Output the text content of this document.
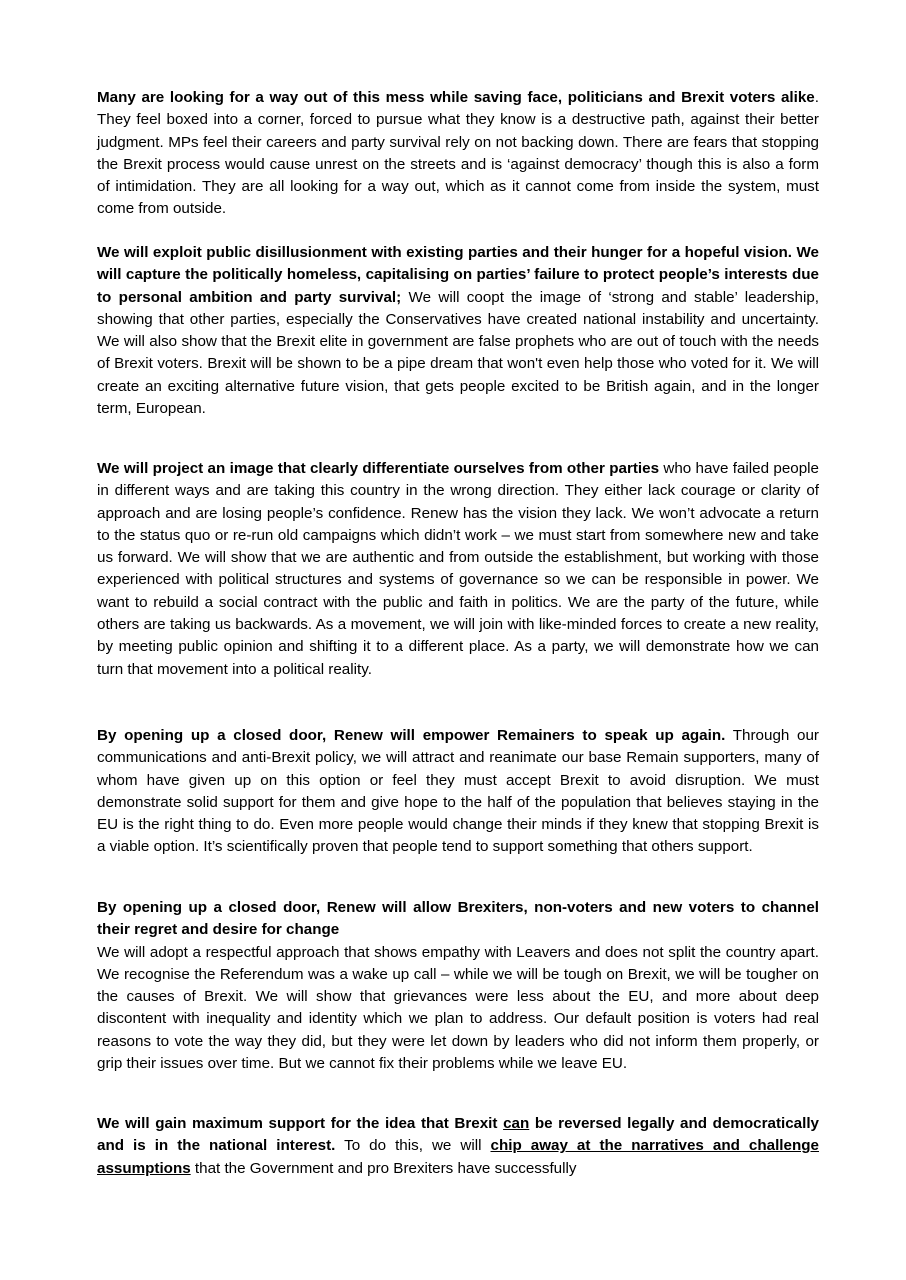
Many are looking for a way out of this mess while saving face, politicians and Brexit voters alike. They feel boxed into a corner, forced to pursue what they know is a destructive path, against their better judgment. MPs feel their careers and party survival rely on not backing down. There are fears that stopping the Brexit process would cause unrest on the streets and is ‘against democracy’ though this is also a form of intimidation. They are all looking for a way out, which as it cannot come from inside the system, must come from outside.

We will exploit public disillusionment with existing parties and their hunger for a hopeful vision. We will capture the politically homeless, capitalising on parties’ failure to protect people’s interests due to personal ambition and party survival; We will coopt the image of ‘strong and stable’ leadership, showing that other parties, especially the Conservatives have created national instability and uncertainty. We will also show that the Brexit elite in government are false prophets who are out of touch with the needs of Brexit voters. Brexit will be shown to be a pipe dream that won't even help those who voted for it. We will create an exciting alternative future vision, that gets people excited to be British again, and in the longer term, European.

We will project an image that clearly differentiate ourselves from other parties who have failed people in different ways and are taking this country in the wrong direction. They either lack courage or clarity of approach and are losing people’s confidence. Renew has the vision they lack. We won’t advocate a return to the status quo or re-run old campaigns which didn’t work – we must start from somewhere new and take us forward. We will show that we are authentic and from outside the establishment, but working with those experienced with political structures and systems of governance so we can be responsible in power. We want to rebuild a social contract with the public and faith in politics. We are the party of the future, while others are taking us backwards. As a movement, we will join with like-minded forces to create a new reality, by meeting public opinion and shifting it to a different place. As a party, we will demonstrate how we can turn that movement into a political reality.

By opening up a closed door, Renew will empower Remainers to speak up again. Through our communications and anti-Brexit policy, we will attract and reanimate our base Remain supporters, many of whom have given up on this option or feel they must accept Brexit to avoid disruption. We must demonstrate solid support for them and give hope to the half of the population that believes staying in the EU is the right thing to do. Even more people would change their minds if they knew that stopping Brexit is a viable option. It’s scientifically proven that people tend to support something that others support.

By opening up a closed door, Renew will allow Brexiters, non-voters and new voters to channel their regret and desire for change
We will adopt a respectful approach that shows empathy with Leavers and does not split the country apart. We recognise the Referendum was a wake up call – while we will be tough on Brexit, we will be tougher on the causes of Brexit. We will show that grievances were less about the EU, and more about deep discontent with inequality and identity which we plan to address. Our default position is voters had real reasons to vote the way they did, but they were let down by leaders who did not inform them properly, or grip their issues over time. But we cannot fix their problems while we leave EU.

We will gain maximum support for the idea that Brexit can be reversed legally and democratically and is in the national interest. To do this, we will chip away at the narratives and challenge assumptions that the Government and pro Brexiters have successfully
